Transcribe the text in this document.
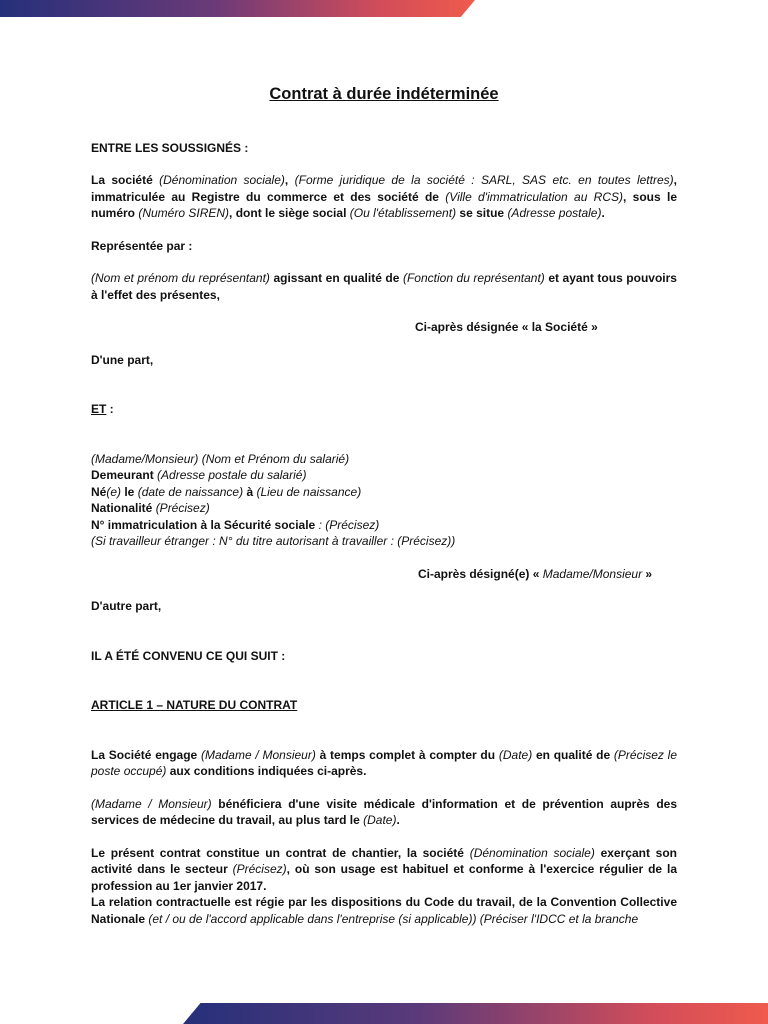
Contrat à durée indéterminée

ENTRE LES SOUSSIGNÉS :

La société (Dénomination sociale), (Forme juridique de la société : SARL, SAS etc. en toutes lettres), immatriculée au Registre du commerce et des société de (Ville d'immatriculation au RCS), sous le numéro (Numéro SIREN), dont le siège social (Ou l'établissement) se situe (Adresse postale).

Représentée par :

(Nom et prénom du représentant) agissant en qualité de (Fonction du représentant) et ayant tous pouvoirs à l'effet des présentes,

Ci-après désignée « la Société »

D'une part,

ET :

(Madame/Monsieur) (Nom et Prénom du salarié)
Demeurant (Adresse postale du salarié)
Né(e) le (date de naissance) à (Lieu de naissance)
Nationalité (Précisez)
N° immatriculation à la Sécurité sociale : (Précisez)
(Si travailleur étranger : N° du titre autorisant à travailler : (Précisez))

Ci-après désigné(e) « Madame/Monsieur »

D'autre part,

IL A ÉTÉ CONVENU CE QUI SUIT :

ARTICLE 1 – NATURE DU CONTRAT

La Société engage (Madame / Monsieur) à temps complet à compter du (Date) en qualité de (Précisez le poste occupé) aux conditions indiquées ci-après.

(Madame / Monsieur) bénéficiera d'une visite médicale d'information et de prévention auprès des services de médecine du travail, au plus tard le (Date).

Le présent contrat constitue un contrat de chantier, la société (Dénomination sociale) exerçant son activité dans le secteur (Précisez), où son usage est habituel et conforme à l'exercice régulier de la profession au 1er janvier 2017.

La relation contractuelle est régie par les dispositions du Code du travail, de la Convention Collective Nationale (et / ou de l'accord applicable dans l'entreprise (si applicable)) (Préciser l'IDCC et la branche
